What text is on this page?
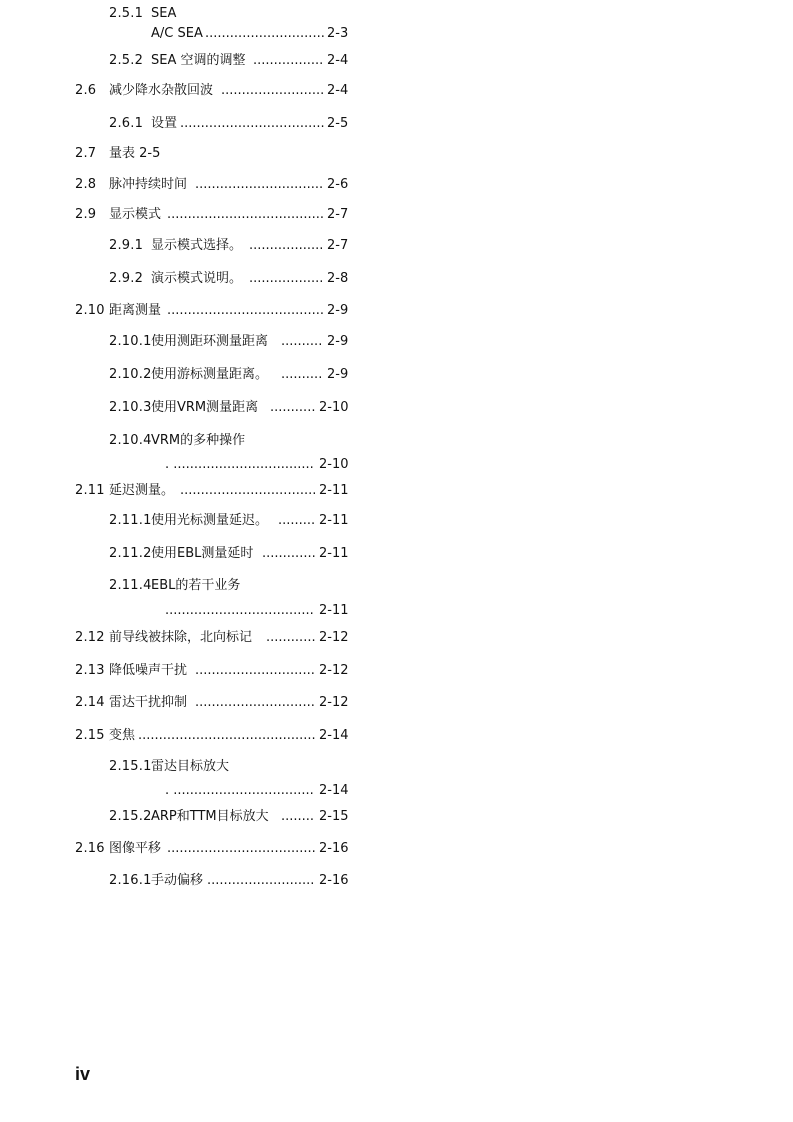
2.5.1 SEA
A/C SEA ............................. 2-3
2.5.2 SEA 空调的调整 ................. 2-4
2.6 减少降水杂散回波 ......................... 2-4
2.6.1 设置 ................................... 2-5
2.7 量表 2-5
2.8 脉冲持续时间 ............................... 2-6
2.9 显示模式 ...................................... 2-7
2.9.1 显示模式选择。 .................. 2-7
2.9.2 演示模式说明。 .................. 2-8
2.10 距离测量 ...................................... 2-9
2.10.1 使用测距环测量距离 .......... 2-9
2.10.2 使用游标测量距离。 .......... 2-9
2.10.3 使用VRM测量距离 ........... 2-10
2.10.4 VRM的多种操作
. .................................. 2-10
2.11 延迟测量。 ................................. 2-11
2.11.1 使用光标测量延迟。 ......... 2-11
2.11.2 使用EBL测量延时 ............. 2-11
2.11.4 EBL的若干业务
.................................... 2-11
2.12 前导线被抹除，北向标记 ............ 2-12
2.13 降低噪声干扰 ............................. 2-12
2.14 雷达干扰抑制 ............................. 2-12
2.15 变焦 ........................................... 2-14
2.15.1 雷达目标放大
. .................................. 2-14
2.15.2 ARP和TTM目标放大 ........ 2-15
2.16 图像平移 .................................... 2-16
2.16.1 手动偏移 .......................... 2-16
iv
